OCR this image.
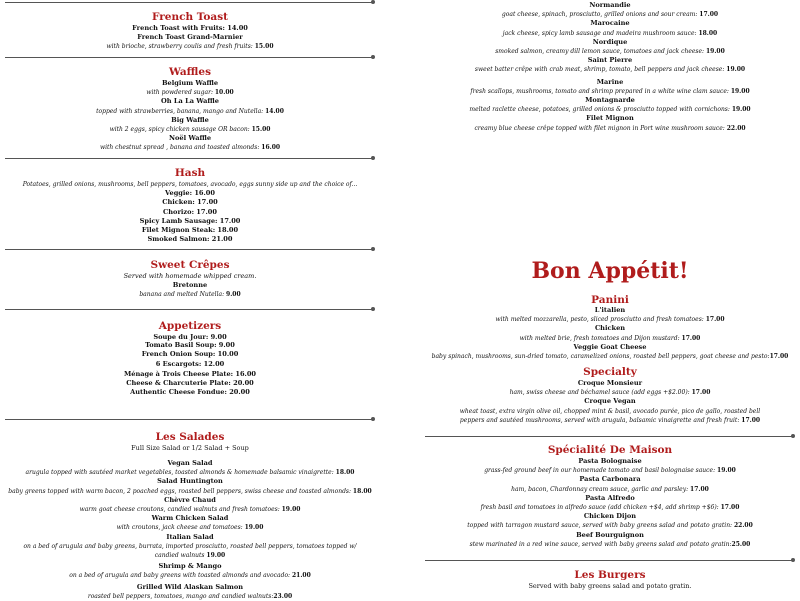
French Toast
French Toast with Fruits: 14.00
French Toast Grand-Marnier
with brioche, strawberry coulis and fresh fruits: 15.00
Waffles
Belgium Waffle
with powdered sugar: 10.00
Oh La La Waffle
topped with strawberries, banana, mango and Nutella: 14.00
Big Waffle
with 2 eggs, spicy chicken sausage OR bacon: 15.00
Noël Waffle
with chestnut spread , banana and toasted almonds: 16.00
Hash
Potatoes, grilled onions, mushrooms, bell peppers, tomatoes, avocado, eggs sunny side up and the choice of...
Veggie: 16.00
Chicken: 17.00
Chorizo: 17.00
Spicy Lamb Sausage: 17.00
Filet Mignon Steak: 18.00
Smoked Salmon: 21.00
Sweet Crêpes
Served with homemade whipped cream.
Bretonne
banana and melted Nutella: 9.00
Appetizers
Soupe du Jour: 9.00
Tomato Basil Soup: 9.00
French Onion Soup: 10.00
6 Escargots: 12.00
Ménage à Trois Cheese Plate: 16.00
Cheese & Charcuterie Plate: 20.00
Authentic Cheese Fondue: 20.00
Les Salades
Full Size Salad or 1/2 Salad + Soup
Vegan Salad
arugula topped with sautéed market vegetables, toasted almonds & homemade balsamic vinaigrette: 18.00
Salad Huntington
baby greens topped with warm bacon, 2 poached eggs, roasted bell peppers, swiss cheese and toasted almonds: 18.00
Chèvre Chaud
warm goat cheese croutons, candied walnuts and fresh tomatoes: 19.00
Warm Chicken Salad
with croutons, jack cheese and tomatoes: 19.00
Italian Salad
on a bed of arugula and baby greens, burrata, imported prosciutto, roasted bell peppers, tomatoes topped w/
candied walnuts 19.00
Shrimp & Mango
on a bed of arugula and baby greens with toasted almonds and avocado: 21.00
Grilled Wild Alaskan Salmon
roasted bell peppers, tomatoes, mango and candied walnuts:23.00
Normandie
goat cheese, spinach, prosciutto, grilled onions and sour cream: 17.00
Marocaine
jack cheese, spicy lamb sausage and madeira mushroom sauce: 18.00
Nordique
smoked salmon, creamy dill lemon sauce, tomatoes and jack cheese: 19.00
Saint Pierre
sweet batter crêpe with crab meat, shrimp, tomato, bell peppers and jack cheese: 19.00
Marine
fresh scallops, mushrooms, tomato and shrimp prepared in a white wine clam sauce: 19.00
Montagnarde
melted raclette cheese, potatoes, grilled onions & prosciutto topped with cornichons: 19.00
Filet Mignon
creamy blue cheese crêpe topped with filet mignon in Port wine mushroom sauce: 22.00
Bon Appétit!
Panini
L'italien
with melted mozzarella, pesto, sliced prosciutto and fresh tomatoes: 17.00
Chicken
with melted brie, fresh tomatoes and Dijon mustard: 17.00
Veggie Goat Cheese
baby spinach, mushrooms, sun-dried tomato, caramelized onions, roasted bell peppers, goat cheese and pesto:17.00
Specialty
Croque Monsieur
ham, swiss cheese and béchamel sauce (add eggs +$2.00): 17.00
Croque Vegan
wheat toast, extra virgin olive oil, chopped mint & basil, avocado purée, pico de gallo, roasted bell
peppers and sautéed mushrooms, served with arugula, balsamic vinaigrette and fresh fruit: 17.00
Spécialité De Maison
Pasta Bolognaise
grass-fed ground beef in our homemade tomato and basil bolognaise sauce: 19.00
Pasta Carbonara
ham, bacon, Chardonnay cream sauce, garlic and parsley: 17.00
Pasta Alfredo
fresh basil and tomatoes in alfredo sauce (add chicken +$4, add shrimp +$6): 17.00
Chicken Dijon
topped with tarragon mustard sauce, served with baby greens salad and potato gratin: 22.00
Beef Bourguignon
stew marinated in a red wine sauce, served with baby greens salad and potato gratin:25.00
Les Burgers
Served with baby greens salad and potato gratin.
